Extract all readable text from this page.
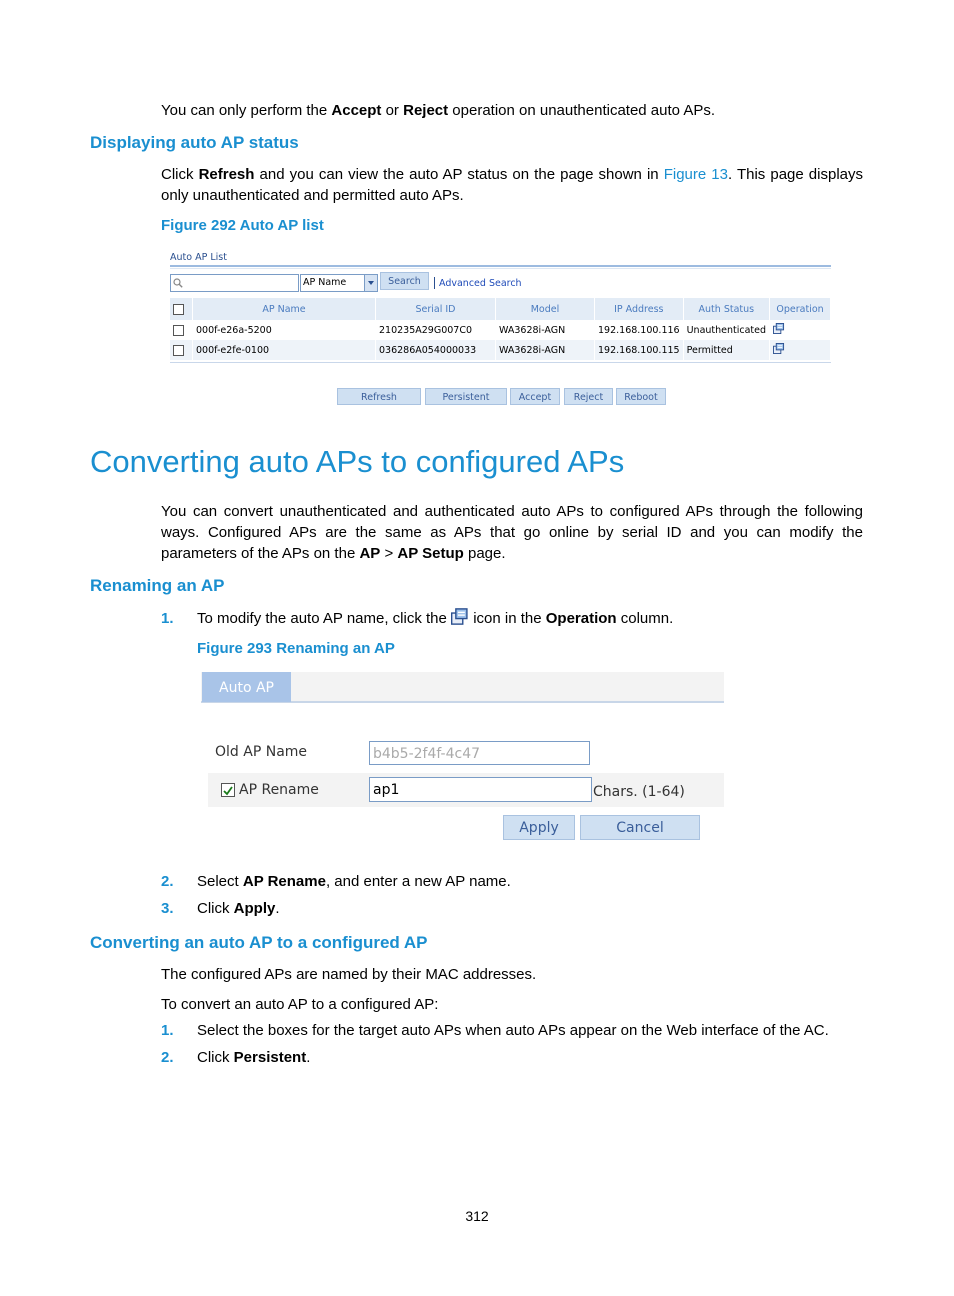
You can only perform the Accept or Reject operation on unauthenticated auto APs.
Displaying auto AP status
Click Refresh and you can view the auto AP status on the page shown in Figure 13. This page displays only unauthenticated and permitted auto APs.
Figure 292 Auto AP list
Auto AP List
AP Name	Search	Advanced Search
	AP Name	Serial ID	Model	IP Address	Auth Status	Operation
	000f-e26a-5200	210235A29G007C0	WA3628i-AGN	192.168.100.116	Unauthenticated	
	000f-e2fe-0100	036286A054000033	WA3628i-AGN	192.168.100.115	Permitted	
Refresh	Persistent	Accept	Reject	Reboot
Converting auto APs to configured APs
You can convert unauthenticated and authenticated auto APs to configured APs through the following ways. Configured APs are the same as APs that go online by serial ID and you can modify the parameters of the APs on the AP > AP Setup page.
Renaming an AP
1. To modify the auto AP name, click the  icon in the Operation column.
Figure 293 Renaming an AP
Auto AP
Old AP Name	b4b5-2f4f-4c47
AP Rename	ap1	Chars. (1-64)
Apply	Cancel
2. Select AP Rename, and enter a new AP name.
3. Click Apply.
Converting an auto AP to a configured AP
The configured APs are named by their MAC addresses.
To convert an auto AP to a configured AP:
1. Select the boxes for the target auto APs when auto APs appear on the Web interface of the AC.
2. Click Persistent.
312
